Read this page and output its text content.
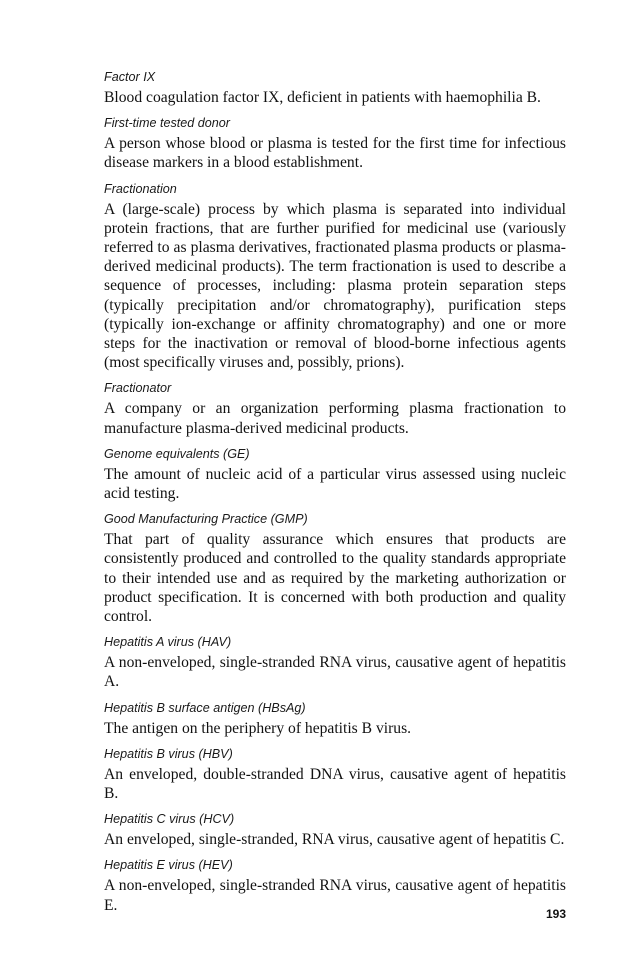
Factor IX

Blood coagulation factor IX, deficient in patients with haemophilia B.

First-time tested donor

A person whose blood or plasma is tested for the first time for infectious disease markers in a blood establishment.

Fractionation

A (large-scale) process by which plasma is separated into individual protein fractions, that are further purified for medicinal use (variously referred to as plasma derivatives, fractionated plasma products or plasma-derived medicinal products). The term fractionation is used to describe a sequence of processes, including: plasma protein separation steps (typically precipitation and/or chromatography), purification steps (typically ion-exchange or affinity chromatography) and one or more steps for the inactivation or removal of blood-borne infectious agents (most specifically viruses and, possibly, prions).

Fractionator

A company or an organization performing plasma fractionation to manufacture plasma-derived medicinal products.

Genome equivalents (GE)

The amount of nucleic acid of a particular virus assessed using nucleic acid testing.

Good Manufacturing Practice (GMP)

That part of quality assurance which ensures that products are consistently produced and controlled to the quality standards appropriate to their intended use and as required by the marketing authorization or product specification. It is concerned with both production and quality control.

Hepatitis A virus (HAV)

A non-enveloped, single-stranded RNA virus, causative agent of hepatitis A.

Hepatitis B surface antigen (HBsAg)

The antigen on the periphery of hepatitis B virus.

Hepatitis B virus (HBV)

An enveloped, double-stranded DNA virus, causative agent of hepatitis B.

Hepatitis C virus (HCV)

An enveloped, single-stranded, RNA virus, causative agent of hepatitis C.

Hepatitis E virus (HEV)

A non-enveloped, single-stranded RNA virus, causative agent of hepatitis E.

193
